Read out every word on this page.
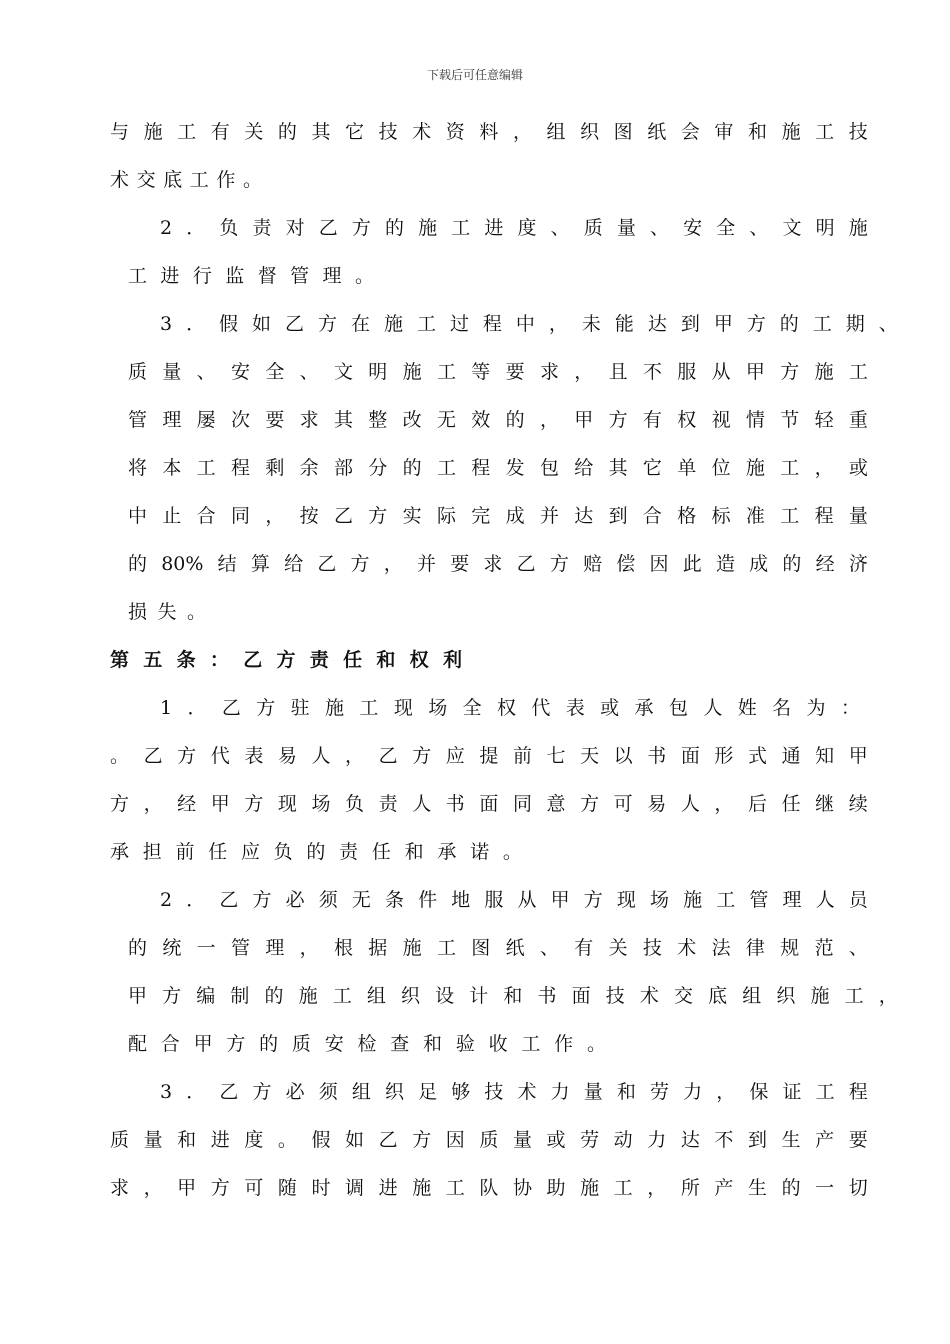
下载后可任意编辑
与 施 工 有 关 的 其 它 技 术 资 料 ， 组 织 图 纸 会 审 和 施 工 技
术 交 底 工 作 。
2 ． 负 责 对 乙 方 的 施 工 进 度 、 质 量 、 安 全 、 文 明 施
工 进 行 监 督 管 理 。
3 ． 假 如 乙 方 在 施 工 过 程 中 ， 未 能 达 到 甲 方 的 工 期 、
质 量 、 安 全 、 文 明 施 工 等 要 求 ， 且 不 服 从 甲 方 施 工
管 理 屡 次 要 求 其 整 改 无 效 的 ， 甲 方 有 权 视 情 节 轻 重
将 本 工 程 剩 余 部 分 的 工 程 发 包 给 其 它 单 位 施 工 ， 或
中 止 合 同 ， 按 乙 方 实 际 完 成 并 达 到 合 格 标 准 工 程 量
的 80% 结 算 给 乙 方 ， 并 要 求 乙 方 赔 偿 因 此 造 成 的 经 济
损 失 。
第 五 条 ： 乙 方 责 任 和 权 利
1 ． 乙 方 驻 施 工 现 场 全 权 代 表 或 承 包 人 姓 名 为 ：
。 乙 方 代 表 易 人 ， 乙 方 应 提 前 七 天 以 书 面 形 式 通 知 甲
方 ， 经 甲 方 现 场 负 责 人 书 面 同 意 方 可 易 人 ， 后 任 继 续
承 担 前 任 应 负 的 责 任 和 承 诺 。
2 ． 乙 方 必 须 无 条 件 地 服 从 甲 方 现 场 施 工 管 理 人 员
的 统 一 管 理 ， 根 据 施 工 图 纸 、 有 关 技 术 法 律 规 范 、
甲 方 编 制 的 施 工 组 织 设 计 和 书 面 技 术 交 底 组 织 施 工 ，
配 合 甲 方 的 质 安 检 查 和 验 收 工 作 。
3 ． 乙 方 必 须 组 织 足 够 技 术 力 量 和 劳 力 ， 保 证 工 程
质 量 和 进 度 。 假 如 乙 方 因 质 量 或 劳 动 力 达 不 到 生 产 要
求 ， 甲 方 可 随 时 调 进 施 工 队 协 助 施 工 ， 所 产 生 的 一 切
